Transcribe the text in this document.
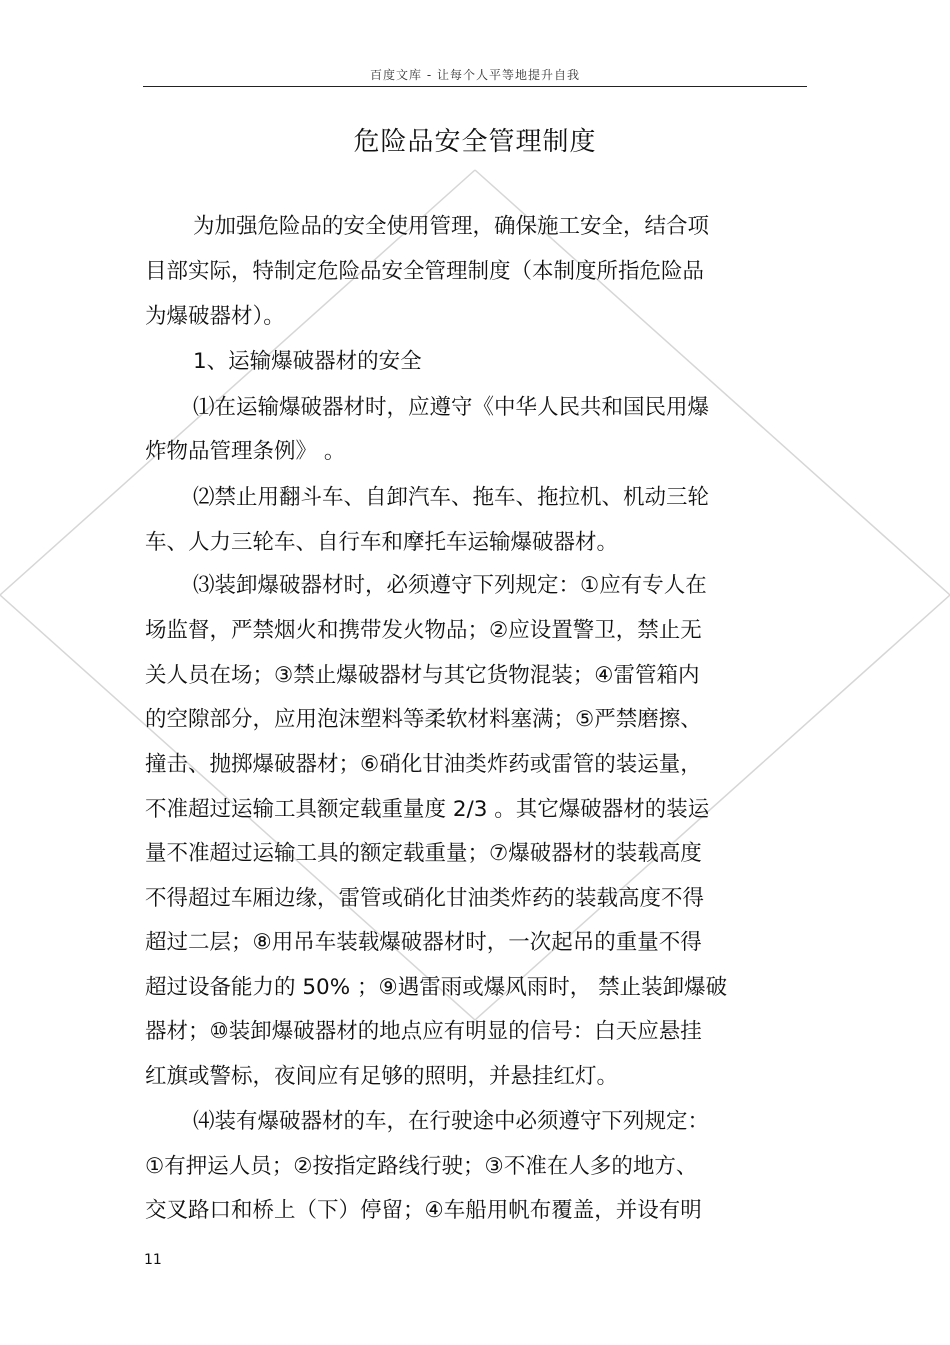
百度文库 - 让每个人平等地提升自我
危险品安全管理制度
为加强危险品的安全使用管理，确保施工安全，结合项
目部实际，特制定危险品安全管理制度（本制度所指危险品
为爆破器材）。
1、运输爆破器材的安全
⑴在运输爆破器材时，应遵守《中华人民共和国民用爆
炸物品管理条例》 。
⑵禁止用翻斗车、自卸汽车、拖车、拖拉机、机动三轮
车、人力三轮车、自行车和摩托车运输爆破器材。
⑶装卸爆破器材时，必须遵守下列规定：①应有专人在
场监督，严禁烟火和携带发火物品；②应设置警卫，禁止无
关人员在场；③禁止爆破器材与其它货物混装；④雷管箱内
的空隙部分，应用泡沫塑料等柔软材料塞满；⑤严禁磨擦、
撞击、抛掷爆破器材；⑥硝化甘油类炸药或雷管的装运量，
不准超过运输工具额定载重量度 2/3 。其它爆破器材的装运
量不准超过运输工具的额定载重量；⑦爆破器材的装载高度
不得超过车厢边缘，雷管或硝化甘油类炸药的装载高度不得
超过二层；⑧用吊车装载爆破器材时，一次起吊的重量不得
超过设备能力的 50% ；⑨遇雷雨或爆风雨时， 禁止装卸爆破
器材；⑩装卸爆破器材的地点应有明显的信号：白天应悬挂
红旗或警标，夜间应有足够的照明，并悬挂红灯。
⑷装有爆破器材的车，在行驶途中必须遵守下列规定：
①有押运人员；②按指定路线行驶；③不准在人多的地方、
交叉路口和桥上（下）停留；④车船用帆布覆盖，并设有明
11
